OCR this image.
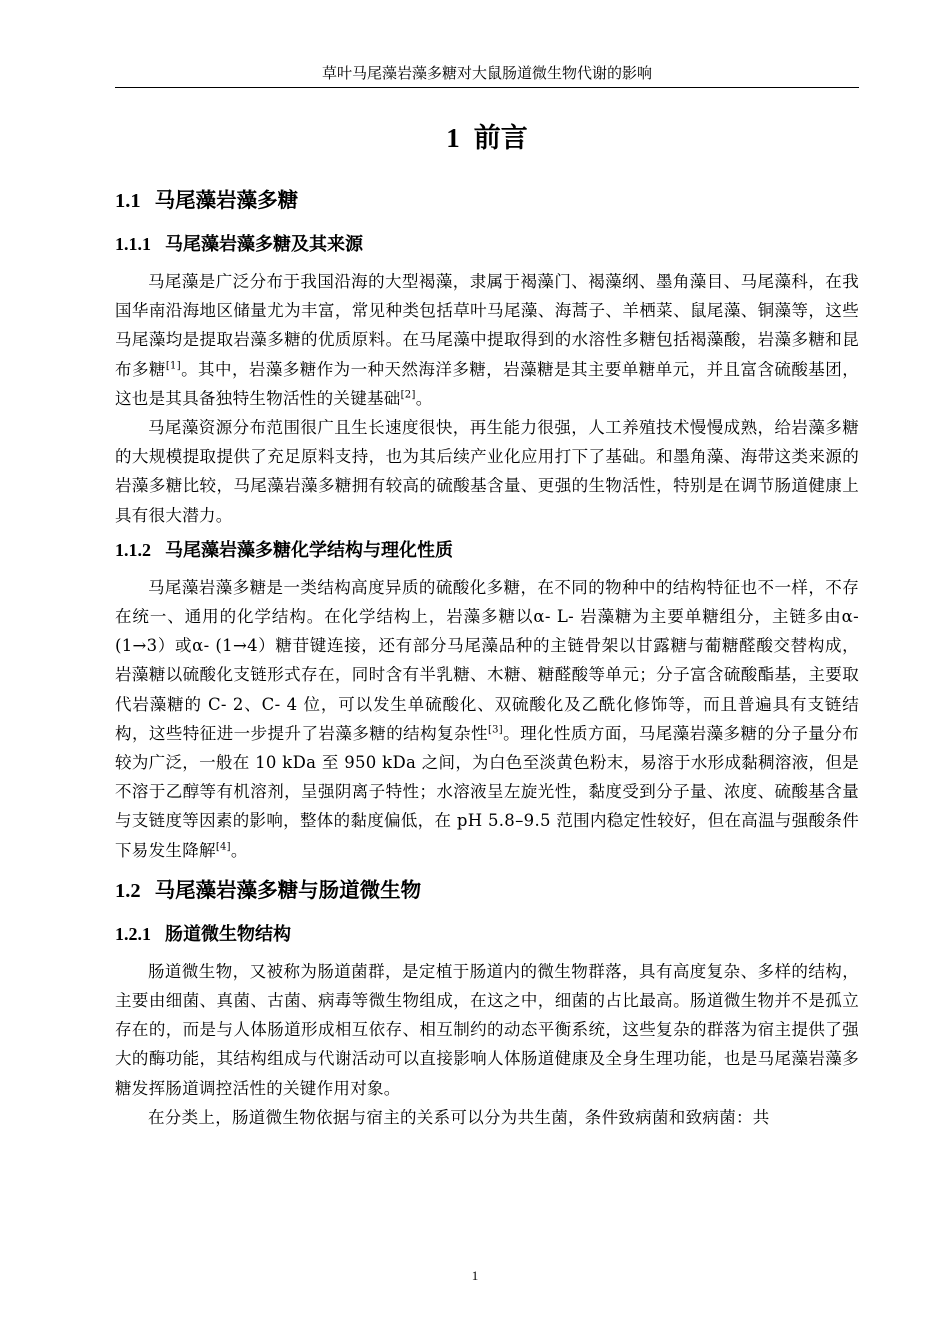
草叶马尾藻岩藻多糖对大鼠肠道微生物代谢的影响
1 前言
1.1 马尾藻岩藻多糖
1.1.1 马尾藻岩藻多糖及其来源

马尾藻是广泛分布于我国沿海的大型褐藻，隶属于褐藻门、褐藻纲、墨角藻目、马尾藻科，在我国华南沿海地区储量尤为丰富，常见种类包括草叶马尾藻、海蒿子、羊栖菜、鼠尾藻、铜藻等，这些马尾藻均是提取岩藻多糖的优质原料。在马尾藻中提取得到的水溶性多糖包括褐藻酸，岩藻多糖和昆布多糖[1]。其中，岩藻多糖作为一种天然海洋多糖，岩藻糖是其主要单糖单元，并且富含硫酸基团，这也是其具备独特生物活性的关键基础[2]。

马尾藻资源分布范围很广且生长速度很快，再生能力很强，人工养殖技术慢慢成熟，给岩藻多糖的大规模提取提供了充足原料支持，也为其后续产业化应用打下了基础。和墨角藻、海带这类来源的岩藻多糖比较，马尾藻岩藻多糖拥有较高的硫酸基含量、更强的生物活性，特别是在调节肠道健康上具有很大潜力。

1.1.2 马尾藻岩藻多糖化学结构与理化性质

马尾藻岩藻多糖是一类结构高度异质的硫酸化多糖，在不同的物种中的结构特征也不一样，不存在统一、通用的化学结构。在化学结构上，岩藻多糖以α- L- 岩藻糖为主要单糖组分，主链多由α- (1→3）或α- (1→4）糖苷键连接，还有部分马尾藻品种的主链骨架以甘露糖与葡糖醛酸交替构成，岩藻糖以硫酸化支链形式存在，同时含有半乳糖、木糖、糖醛酸等单元；分子富含硫酸酯基，主要取代岩藻糖的 C- 2、C- 4 位，可以发生单硫酸化、双硫酸化及乙酰化修饰等，而且普遍具有支链结构，这些特征进一步提升了岩藻多糖的结构复杂性[3]。理化性质方面，马尾藻岩藻多糖的分子量分布较为广泛，一般在 10 kDa 至 950 kDa 之间，为白色至淡黄色粉末，易溶于水形成黏稠溶液，但是不溶于乙醇等有机溶剂，呈强阴离子特性；水溶液呈左旋光性，黏度受到分子量、浓度、硫酸基含量与支链度等因素的影响，整体的黏度偏低，在 pH 5.8–9.5 范围内稳定性较好，但在高温与强酸条件下易发生降解[4]。

1.2 马尾藻岩藻多糖与肠道微生物
1.2.1 肠道微生物结构

肠道微生物，又被称为肠道菌群，是定植于肠道内的微生物群落，具有高度复杂、多样的结构，主要由细菌、真菌、古菌、病毒等微生物组成，在这之中，细菌的占比最高。肠道微生物并不是孤立存在的，而是与人体肠道形成相互依存、相互制约的动态平衡系统，这些复杂的群落为宿主提供了强大的酶功能，其结构组成与代谢活动可以直接影响人体肠道健康及全身生理功能，也是马尾藻岩藻多糖发挥肠道调控活性的关键作用对象。

在分类上，肠道微生物依据与宿主的关系可以分为共生菌，条件致病菌和致病菌：共

1
